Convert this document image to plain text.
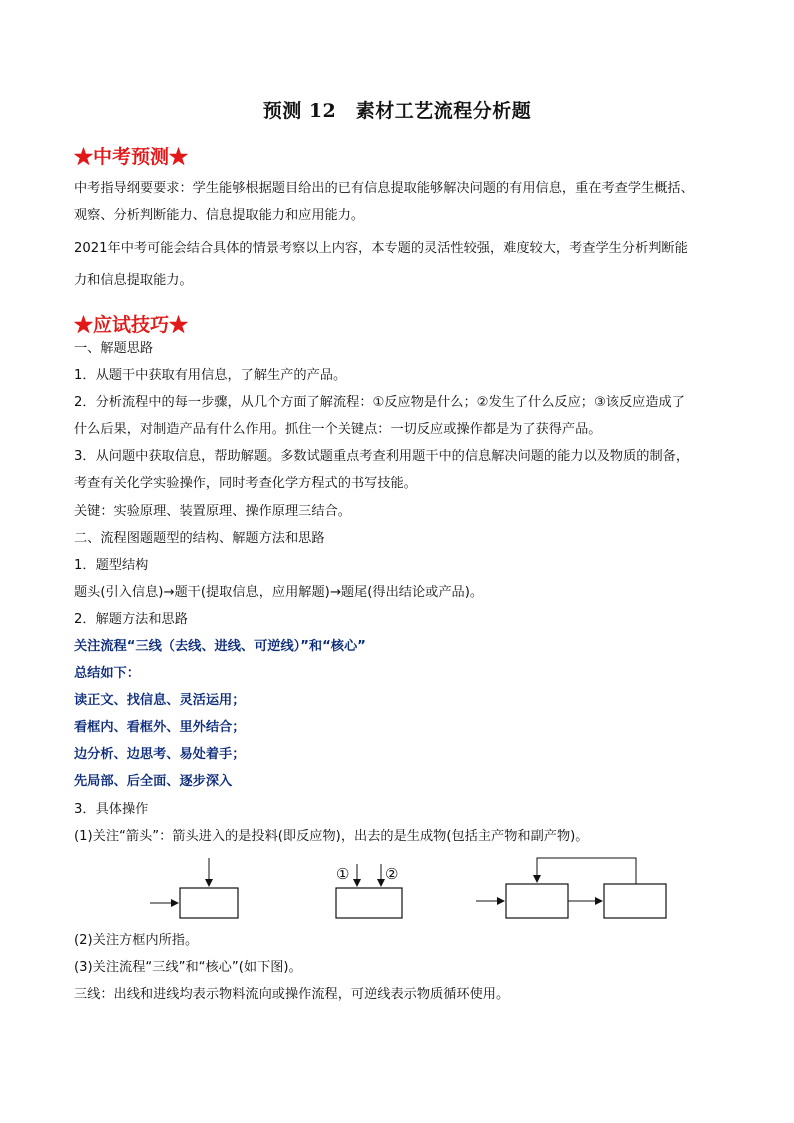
预测 12　素材工艺流程分析题
★中考预测★
中考指导纲要要求：学生能够根据题目给出的已有信息提取能够解决问题的有用信息，重在考查学生概括、
观察、分析判断能力、信息提取能力和应用能力。
2021年中考可能会结合具体的情景考察以上内容，本专题的灵活性较强，难度较大，考查学生分析判断能
力和信息提取能力。
★应试技巧★
一、解题思路
1．从题干中获取有用信息，了解生产的产品。
2．分析流程中的每一步骤，从几个方面了解流程：①反应物是什么；②发生了什么反应；③该反应造成了
什么后果，对制造产品有什么作用。抓住一个关键点：一切反应或操作都是为了获得产品。
3．从问题中获取信息，帮助解题。多数试题重点考查利用题干中的信息解决问题的能力以及物质的制备，
考查有关化学实验操作，同时考查化学方程式的书写技能。
关键：实验原理、装置原理、操作原理三结合。
二、流程图题题型的结构、解题方法和思路
1．题型结构
题头(引入信息)→题干(提取信息，应用解题)→题尾(得出结论或产品)。
2．解题方法和思路
关注流程“三线（去线、进线、可逆线）”和“核心”
总结如下：
读正文、找信息、灵活运用；
看框内、看框外、里外结合；
边分析、边思考、易处着手；
先局部、后全面、逐步深入
3．具体操作
(1)关注“箭头”：箭头进入的是投料(即反应物)，出去的是生成物(包括主产物和副产物)。
① ②
(2)关注方框内所指。
(3)关注流程“三线”和“核心”(如下图)。
三线：出线和进线均表示物料流向或操作流程，可逆线表示物质循环使用。
